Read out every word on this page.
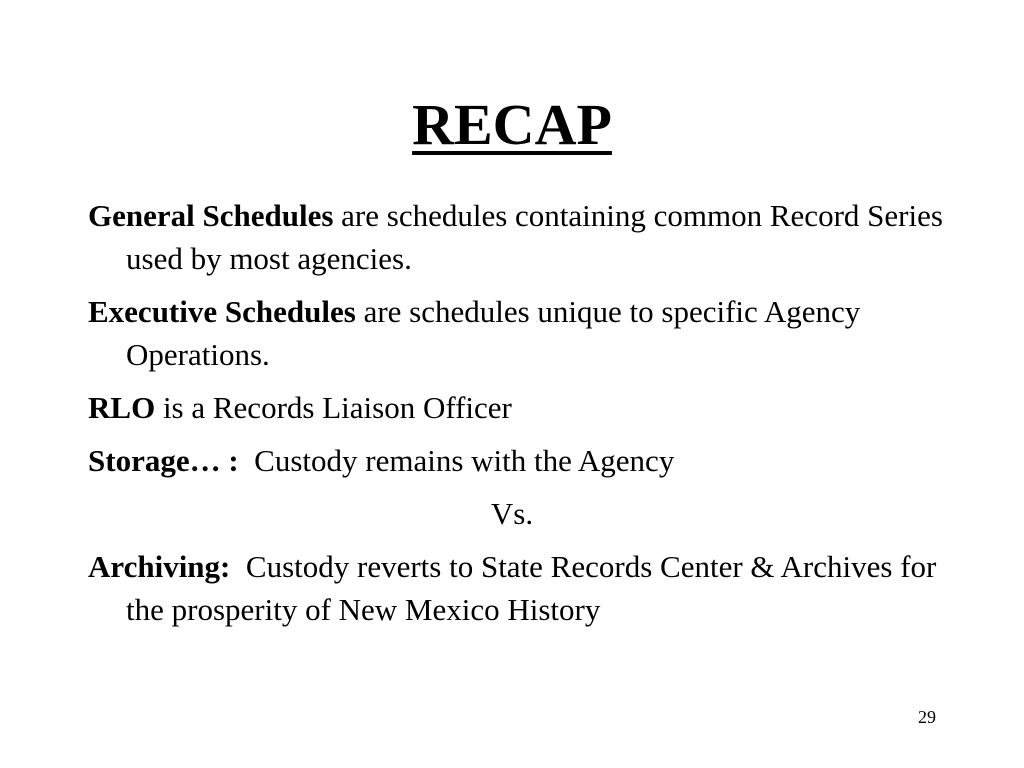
RECAP

General Schedules are schedules containing common Record Series used by most agencies.

Executive Schedules are schedules unique to specific Agency Operations.

RLO is a Records Liaison Officer

Storage… :  Custody remains with the Agency

Vs.

Archiving:  Custody reverts to State Records Center & Archives for the prosperity of New Mexico History

29
